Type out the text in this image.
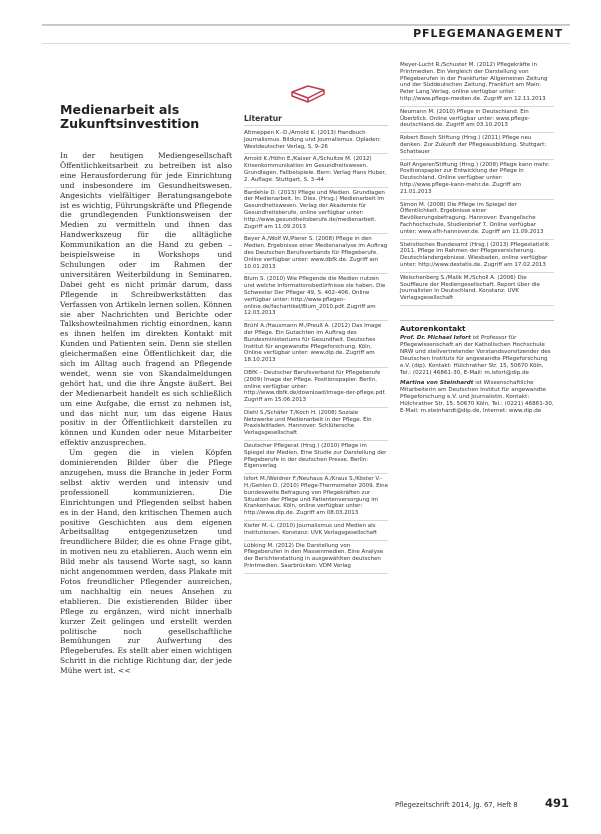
PFLEGEMANAGEMENT
Medienarbeit als Zukunftsinvestition

In der heutigen Mediengesellschaft Öffentlichkeitsarbeit zu betreiben ist also eine Herausforderung für jede Einrichtung und insbesondere im Gesundheitswesen. Angesichts vielfältiger Beratungsangebote ist es wichtig, Führungskräfte und Pflegende die grundlegenden Funktionsweisen der Medien zu vermitteln und ihnen das Handwerkszeug für die alltägliche Kommunikation an die Hand zu geben – beispielsweise in Workshops und Schulungen oder im Rahmen der universitären Weiterbildung in Seminaren. Dabei geht es nicht primär darum, dass Pflegende in Schreibwerkstätten das Verfassen von Artikeln lernen sollen. Können sie aber Nachrichten und Berichte oder Talkshowteilnahmen richtig einordnen, kann es ihnen helfen im direkten Kontakt mit Kunden und Patienten sein. Denn sie stellen gleichermaßen eine Öffentlichkeit dar, die sich im Alltag auch fragend an Pflegende wendet, wenn sie von Skandalmeldungen gehört hat, und die ihre Ängste äußert. Bei der Medienarbeit handelt es sich schließlich um eine Aufgabe, die ernst zu nehmen ist, und das nicht nur, um das eigene Haus positiv in der Öffentlichkeit darstellen zu können und Kunden oder neue Mitarbeiter effektiv anzusprechen.

Um gegen die in vielen Köpfen dominierenden Bilder über die Pflege anzugehen, muss die Branche in jeder Form selbst aktiv werden und intensiv und professionell kommunizieren. Die Einrichtungen und Pflegenden selbst haben es in der Hand, den kritischen Themen auch positive Geschichten aus dem eigenen Arbeitsalltag entgegenzusetzen und freundlichere Bilder, die es ohne Frage gibt, in motiven neu zu etablieren. Auch wenn ein Bild mehr als tausend Worte sagt, so kann nicht angenommen werden, dass Plakate mit Fotos freundlicher Pflegender ausreichen, um nachhaltig ein neues Ansehen zu etablieren. Die existierenden Bilder über Pflege zu ergänzen, wird nicht innerhalb kurzer Zeit gelingen und erstellt werden politische noch gesellschaftliche Bemühungen zur Aufwertung des Pflegeberufes. Es stellt aber einen wichtigen Schritt in die richtige Richtung dar, der jede Mühe wert ist. <<

Literatur
Altmeppen K.-D./Arnold K. (2013) Handbuch Journalismus. Bildung und Journalismus. Opladen: Westdeutscher Verlag, S. 9–26
Arnold K./Höhn E./Kaiser A./Schultze M. (2012) Krisenkommunikation im Gesundheitswesen. Grundlagen, Fallbeispiele. Bern: Verlag Hans Huber, 2. Auflage. Stuttgart, S. 3–44
Bardehle D. (2013) Pflege und Medien. Grundlagen der Medienarbeit. In: Dies. (Hrsg.) Medienarbeit im Gesundheitswesen. Verlag der Akademie für Gesundheitsberufe, online verfügbar unter: http://www.gesundheitsberufe.de/medienarbeit. Zugriff am 11.09.2013
Beyer A./Wolf W./Pierer S. (2008) Pflege in den Medien. Ergebnisse einer Medienanalyse im Auftrag des Deutschen Berufsverbands für Pflegeberufe. Online verfügbar unter: www.dbfk.de. Zugriff am 10.01.2013
Blum S. (2010) Wie Pflegende die Medien nutzen und welche Informationsbedürfnisse sie haben. Die Schwester Der Pfleger 49, S. 402–406. Online verfügbar unter: http://www.pflegen-online.de/fachartikel/Blum_2010.pdf. Zugriff am 12.03.2013
Brühl A./Hausmann M./Preuß A. (2012) Das Image der Pflege. Ein Gutachten im Auftrag des Bundesministeriums für Gesundheit. Deutsches Institut für angewandte Pflegeforschung. Köln, Online verfügbar unter: www.dip.de. Zugriff am 18.10.2013
DBfK – Deutscher Berufsverband für Pflegeberufe (2009) Image der Pflege. Positionspapier. Berlin, online verfügbar unter: http://www.dbfk.de/download/image-der-pflege.pdf. Zugriff am 15.06.2013
Diehl S./Schäfer T./Koch H. (2008) Soziale Netzwerke und Medienarbeit in der Pflege. Ein Praxisleitfaden. Hannover: Schlütersche Verlagsgesellschaft
Deutscher Pflegerat (Hrsg.) (2010) Pflege im Spiegel der Medien. Eine Studie zur Darstellung der Pflegeberufe in der deutschen Presse. Berlin: Eigenverlag
Isfort M./Weidner F./Neuhaus A./Kraus S./Köster V.-H./Gehlen D. (2010) Pflege-Thermometer 2009. Eine bundesweite Befragung von Pflegekräften zur Situation der Pflege und Patientenversorgung im Krankenhaus. Köln, online verfügbar unter: http://www.dip.de. Zugriff am 08.03.2013
Kiefer M.-L. (2010) Journalismus und Medien als Institutionen. Konstanz: UVK Verlagsgesellschaft
Lübking M. (2012) Die Darstellung von Pflegeberufen in den Massenmedien. Eine Analyse der Berichterstattung in ausgewählten deutschen Printmedien. Saarbrücken: VDM Verlag
Meyer-Lucht R./Schuster M. (2012) Pflegekräfte in Printmedien. Ein Vergleich der Darstellung von Pflegeberufen in der Frankfurter Allgemeinen Zeitung und der Süddeutschen Zeitung, Frankfurt am Main: Peter Lang Verlag, online verfügbar unter: http://www.pflege-medien.de. Zugriff am 12.11.2013
Neumann M. (2010) Pflege in Deutschland. Ein Überblick. Online verfügbar unter: www.pflege-deutschland.de. Zugriff am 03.10.2013
Robert Bosch Stiftung (Hrsg.) (2011) Pflege neu denken. Zur Zukunft der Pflegeausbildung. Stuttgart: Schattauer
Rolf Angerer/Stiftung (Hrsg.) (2008) Pflege kann mehr. Positionspapier zur Entwicklung der Pflege in Deutschland. Online verfügbar unter: http://www.pflege-kann-mehr.de. Zugriff am 21.01.2013
Simon M. (2008) Die Pflege im Spiegel der Öffentlichkeit. Ergebnisse einer Bevölkerungsbefragung. Hannover: Evangelische Fachhochschule, Studienbrief 7. Online verfügbar unter: www.efh-hannover.de. Zugriff am 11.09.2013
Statistisches Bundesamt (Hrsg.) (2013) Pflegestatistik 2011. Pflege im Rahmen der Pflegeversicherung. Deutschlandergebnisse. Wiesbaden, online verfügbar unter: http://www.destatis.de. Zugriff am 17.02.2013
Weischenberg S./Malik M./Scholl A. (2006) Die Souffleure der Mediengesellschaft. Report über die Journalisten in Deutschland. Konstanz: UVK Verlagsgesellschaft
Autorenkontakt
Prof. Dr. Michael Isfort ist Professor für Pflegewissenschaft an der Katholischen Hochschule NRW und stellvertretender Vorstandsvorsitzender des Deutschen Instituts für angewandte Pflegeforschung e.V. (dip). Kontakt: Hülchrather Str. 15, 50670 Köln, Tel.: (0221) 46861-30, E-Mail: m.isfort@dip.de
Martina von Steinhardt ist Wissenschaftliche Mitarbeiterin am Deutschen Institut für angewandte Pflegeforschung e.V. und Journalistin. Kontakt: Hülchrather Str. 15, 50670 Köln, Tel.: (0221) 46861-30, E-Mail: m.steinhardt@dip.de, Internet: www.dip.de
Pflegezeitschrift 2014, Jg. 67, Heft 8 491
